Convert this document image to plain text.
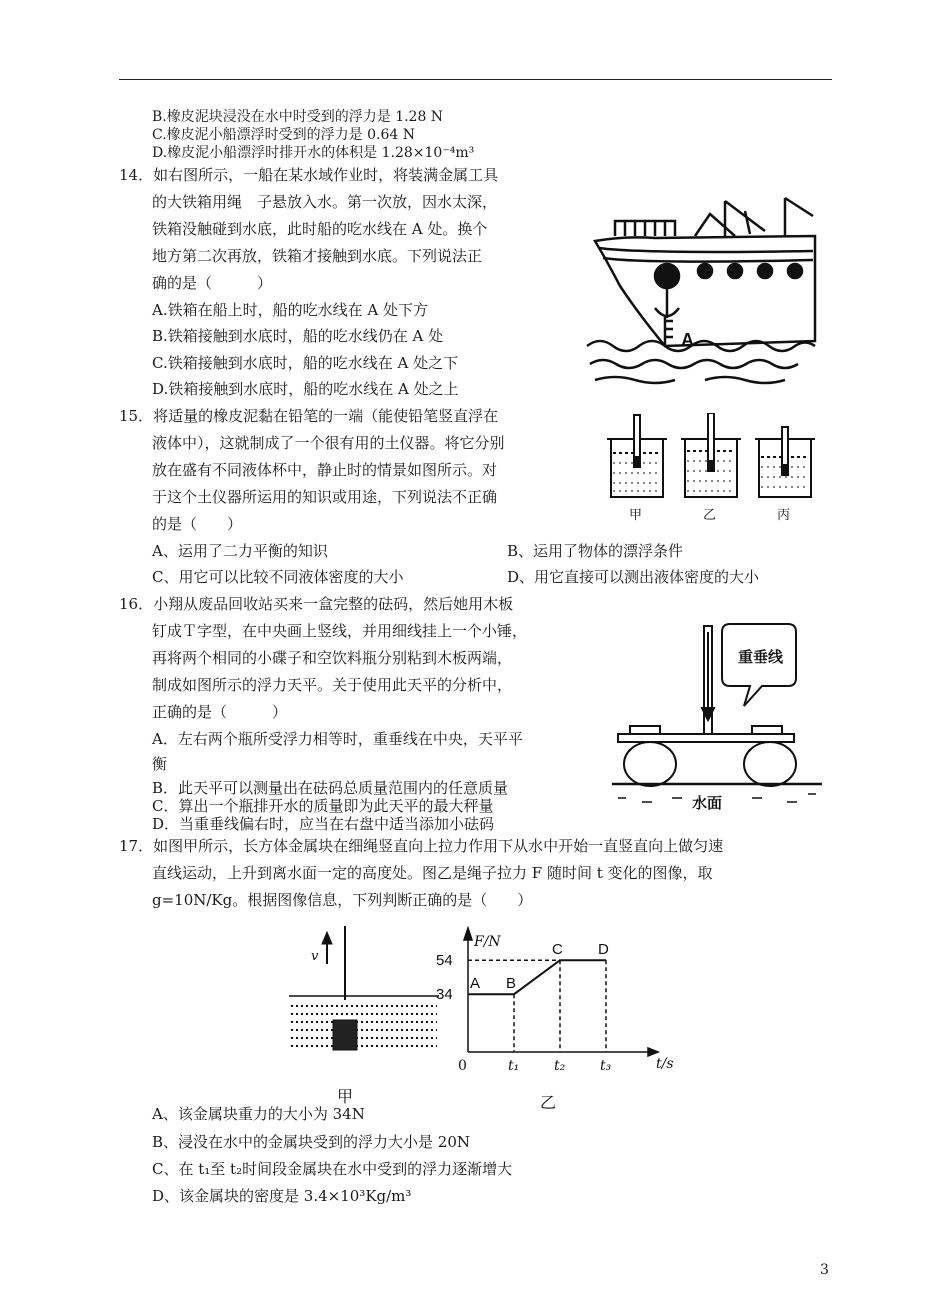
B.橡皮泥块浸没在水中时受到的浮力是 1.28 N
C.橡皮泥小船漂浮时受到的浮力是 0.64 N
D.橡皮泥小船漂浮时排开水的体积是 1.28×10⁻⁴m³
14．如右图所示，一船在某水域作业时，将装满金属工具
的大铁箱用绳　子悬放入水。第一次放，因水太深，
铁箱没触碰到水底，此时船的吃水线在 A 处。换个
地方第二次再放，铁箱才接触到水底。下列说法正
确的是（　　　）
A.铁箱在船上时，船的吃水线在 A 处下方
B.铁箱接触到水底时，船的吃水线仍在 A 处
C.铁箱接触到水底时，船的吃水线在 A 处之下
D.铁箱接触到水底时，船的吃水线在 A 处之上
A
15．将适量的橡皮泥黏在铅笔的一端（能使铅笔竖直浮在
液体中），这就制成了一个很有用的土仪器。将它分别
放在盛有不同液体杯中，静止时的情景如图所示。对
于这个土仪器所运用的知识或用途，下列说法不正确
的是（　　）
A、运用了二力平衡的知识	B、运用了物体的漂浮条件
C、用它可以比较不同液体密度的大小	D、用它直接可以测出液体密度的大小
甲	乙	丙
16．小翔从废品回收站买来一盒完整的砝码，然后她用木板
钉成Ｔ字型，在中央画上竖线，并用细线挂上一个小锤，
再将两个相同的小碟子和空饮料瓶分别粘到木板两端，
制成如图所示的浮力天平。关于使用此天平的分析中，
正确的是（　　　）
A．左右两个瓶所受浮力相等时，重垂线在中央，天平平
衡
B．此天平可以测量出在砝码总质量范围内的任意质量
C．算出一个瓶排开水的质量即为此天平的最大秤量
D．当重垂线偏右时，应当在右盘中适当添加小砝码
重垂线
水面
17．如图甲所示，长方体金属块在细绳竖直向上拉力作用下从水中开始一直竖直向上做匀速
直线运动，上升到离水面一定的高度处。图乙是绳子拉力 F 随时间 t 变化的图像，取
g=10N/Kg。根据图像信息，下列判断正确的是（　　）
v
甲
A B
C D
34
54
0	t₁ t₂ t₃
F/N
t/s
乙
A、该金属块重力的大小为 34N
B、浸没在水中的金属块受到的浮力大小是 20N
C、在 t₁至 t₂时间段金属块在水中受到的浮力逐渐增大
D、该金属块的密度是 3.4×10³Kg/m³
3
